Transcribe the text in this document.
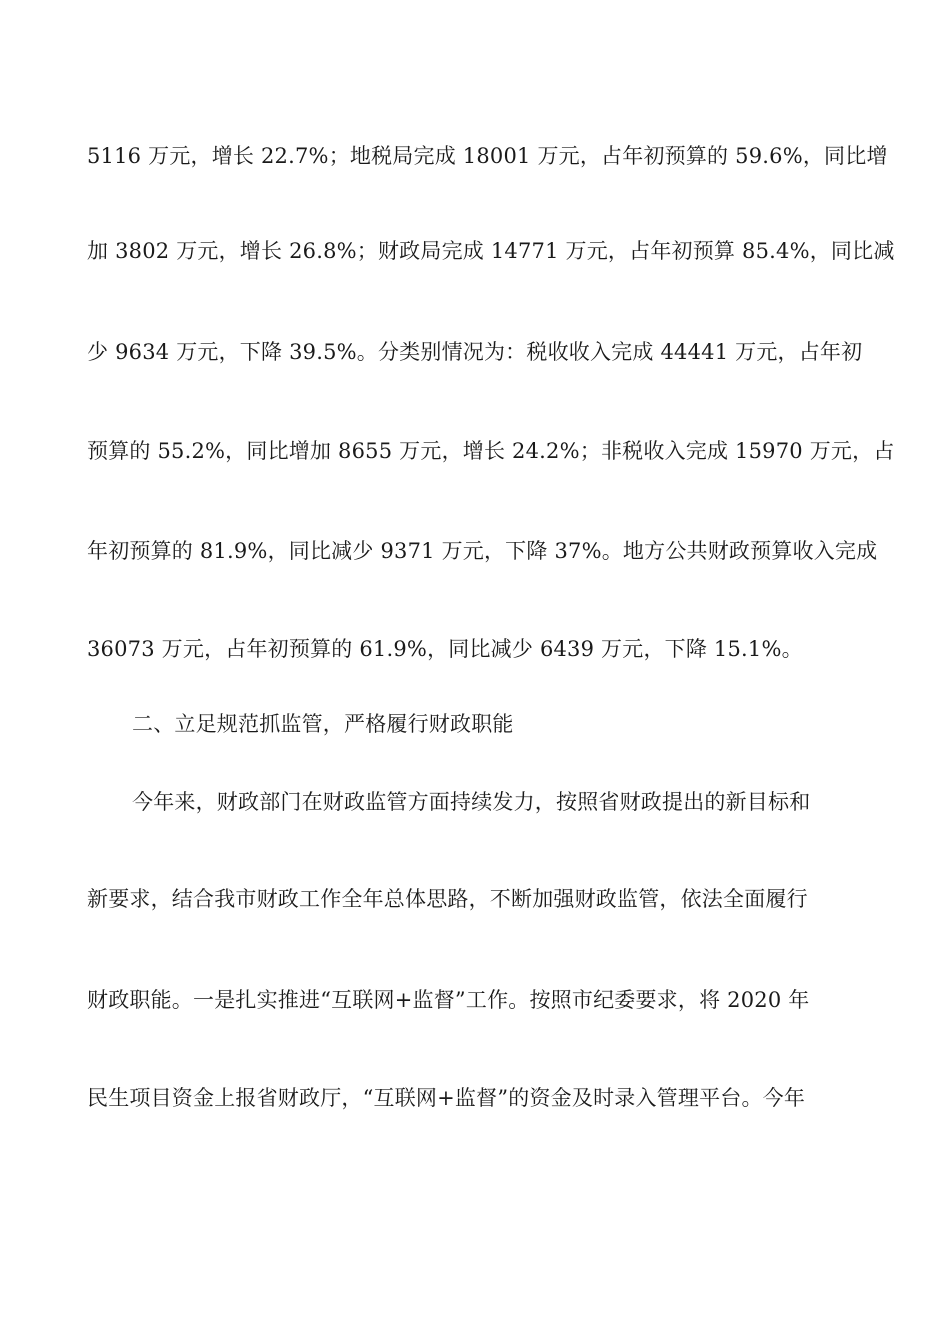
5116 万元，增长 22.7%；地税局完成 18001 万元，占年初预算的 59.6%，同比增
加 3802 万元，增长 26.8%；财政局完成 14771 万元，占年初预算 85.4%，同比减
少 9634 万元，下降 39.5%。分类别情况为：税收收入完成 44441 万元，占年初
预算的 55.2%，同比增加 8655 万元，增长 24.2%；非税收入完成 15970 万元，占
年初预算的 81.9%，同比减少 9371 万元，下降 37%。地方公共财政预算收入完成
36073 万元，占年初预算的 61.9%，同比减少 6439 万元，下降 15.1%。
二、立足规范抓监管，严格履行财政职能
今年来，财政部门在财政监管方面持续发力，按照省财政提出的新目标和
新要求，结合我市财政工作全年总体思路，不断加强财政监管，依法全面履行
财政职能。一是扎实推进“互联网+监督”工作。按照市纪委要求，将 2020 年
民生项目资金上报省财政厅，“互联网+监督”的资金及时录入管理平台。今年
